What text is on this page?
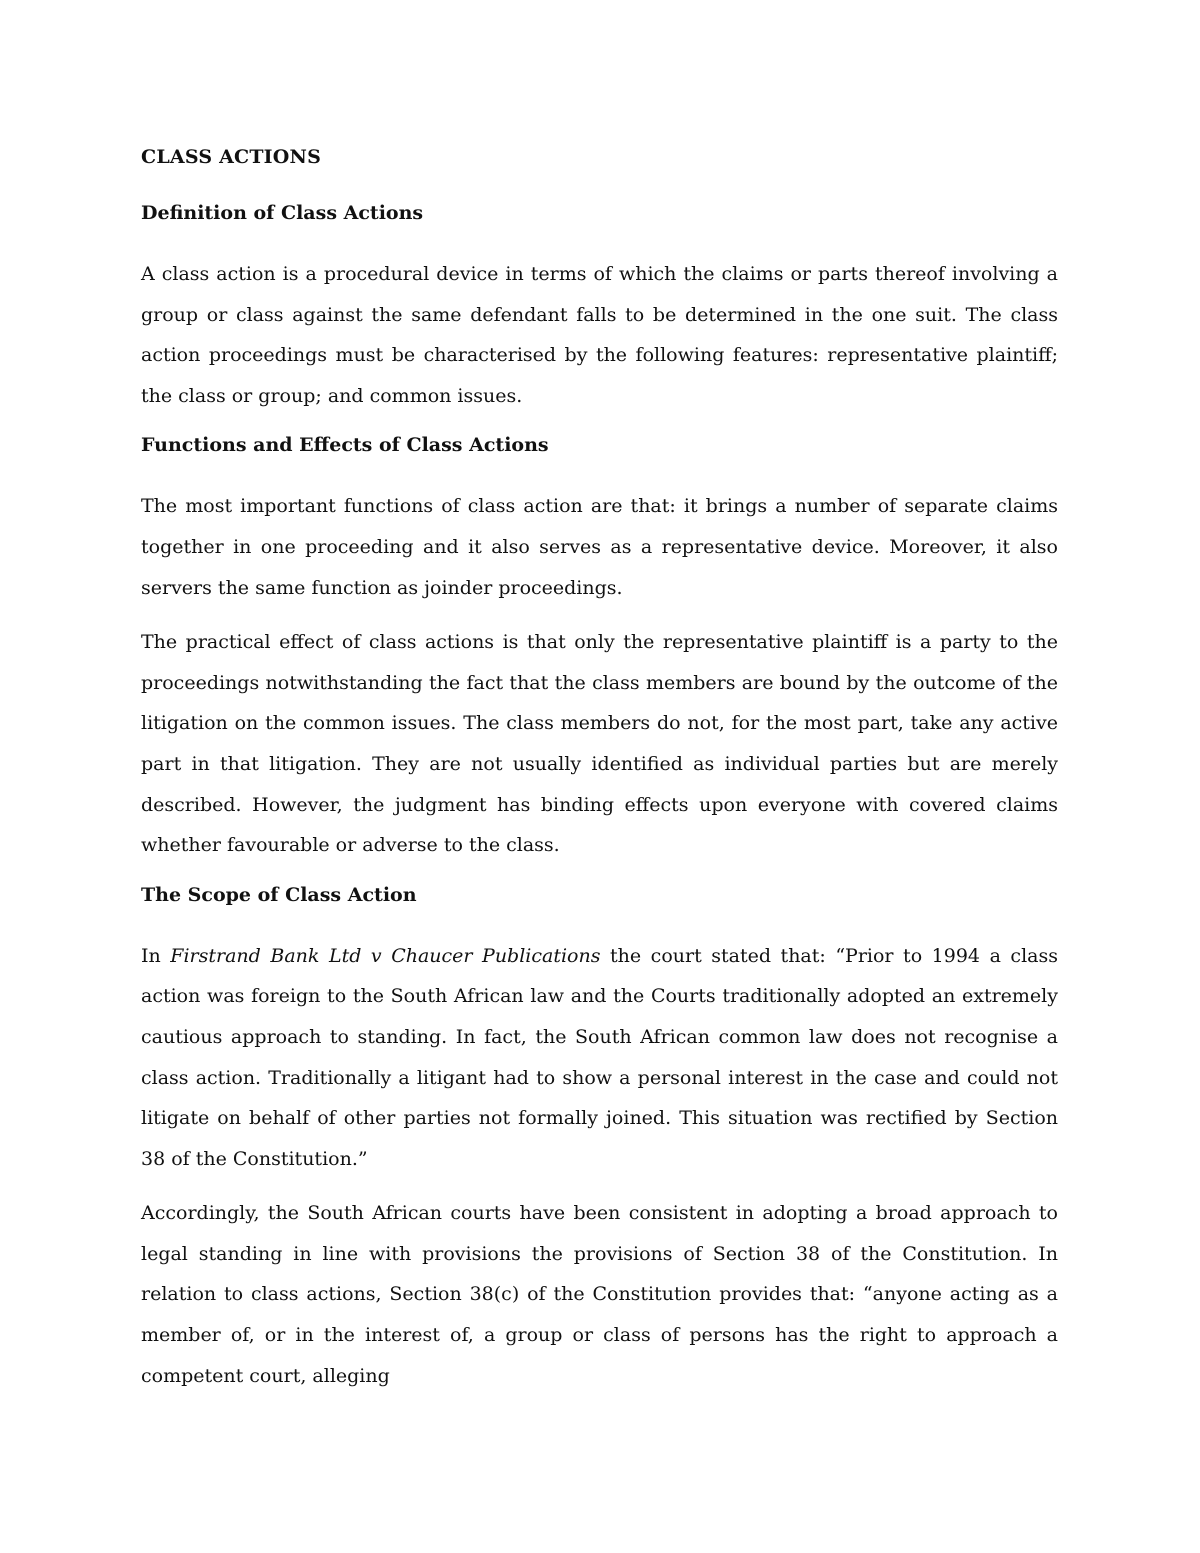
CLASS ACTIONS
Definition of Class Actions

A class action is a procedural device in terms of which the claims or parts thereof involving a group or class against the same defendant falls to be determined in the one suit. The class action proceedings must be characterised by the following features: representative plaintiff; the class or group; and common issues.

Functions and Effects of Class Actions

The most important functions of class action are that: it brings a number of separate claims together in one proceeding and it also serves as a representative device. Moreover, it also servers the same function as joinder proceedings.

The practical effect of class actions is that only the representative plaintiff is a party to the proceedings notwithstanding the fact that the class members are bound by the outcome of the litigation on the common issues. The class members do not, for the most part, take any active part in that litigation. They are not usually identified as individual parties but are merely described. However, the judgment has binding effects upon everyone with covered claims whether favourable or adverse to the class.

The Scope of Class Action

In Firstrand Bank Ltd v Chaucer Publications the court stated that: “Prior to 1994 a class action was foreign to the South African law and the Courts traditionally adopted an extremely cautious approach to standing. In fact, the South African common law does not recognise a class action. Traditionally a litigant had to show a personal interest in the case and could not litigate on behalf of other parties not formally joined. This situation was rectified by Section 38 of the Constitution.”

Accordingly, the South African courts have been consistent in adopting a broad approach to legal standing in line with provisions the provisions of Section 38 of the Constitution. In relation to class actions, Section 38(c) of the Constitution provides that: “anyone acting as a member of, or in the interest of, a group or class of persons has the right to approach a competent court, alleging
